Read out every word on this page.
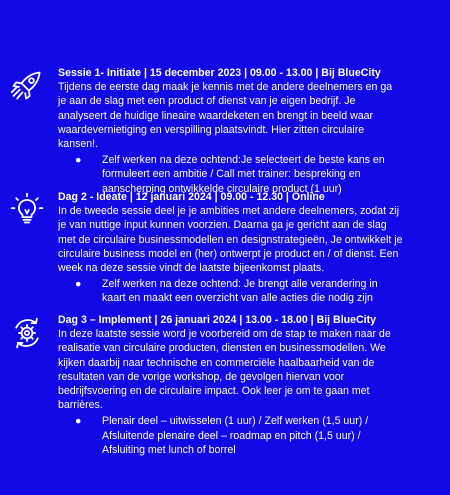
Sessie 1- Initiate | 15 december 2023 | 09.00 - 13.00 | Bij BlueCity

Tijdens de eerste dag maak je kennis met de andere deelnemers en ga je aan de slag met een product of dienst van je eigen bedrijf. Je analyseert de huidige lineaire waardeketen en brengt in beeld waar waardevernietiging en verspilling plaatsvindt. Hier zitten circulaire kansen!.

● Zelf werken na deze ochtend:Je selecteert de beste kans en formuleert een ambitie / Call met trainer: bespreking en aanscherping ontwikkelde circulaire product (1 uur)

Dag 2 - Ideate | 12 januari 2024 | 09.00 - 12.30 | Online

In de tweede sessie deel je je ambities met andere deelnemers, zodat zij je van nuttige input kunnen voorzien. Daarna ga je gericht aan de slag met de circulaire businessmodellen en designstrategieën, Je ontwikkelt je circulaire business model en (her) ontwerpt je product en / of dienst. Een week na deze sessie vindt de laatste bijeenkomst plaats.

● Zelf werken na deze ochtend: Je brengt alle verandering in kaart en maakt een overzicht van alle acties die nodig zijn

Dag 3 – Implement | 26 januari 2024 | 13.00 - 18.00 | Bij BlueCity

In deze laatste sessie word je voorbereid om de stap te maken naar de realisatie van circulaire producten, diensten en businessmodellen. We kijken daarbij naar technische en commerciële haalbaarheid van de resultaten van de vorige workshop, de gevolgen hiervan voor bedrijfsvoering en de circulaire impact. Ook leer je om te gaan met barrières.

● Plenair deel – uitwisselen (1 uur) / Zelf werken (1,5 uur) / Afsluitende plenaire deel – roadmap en pitch (1,5 uur) / Afsluiting met lunch of borrel
